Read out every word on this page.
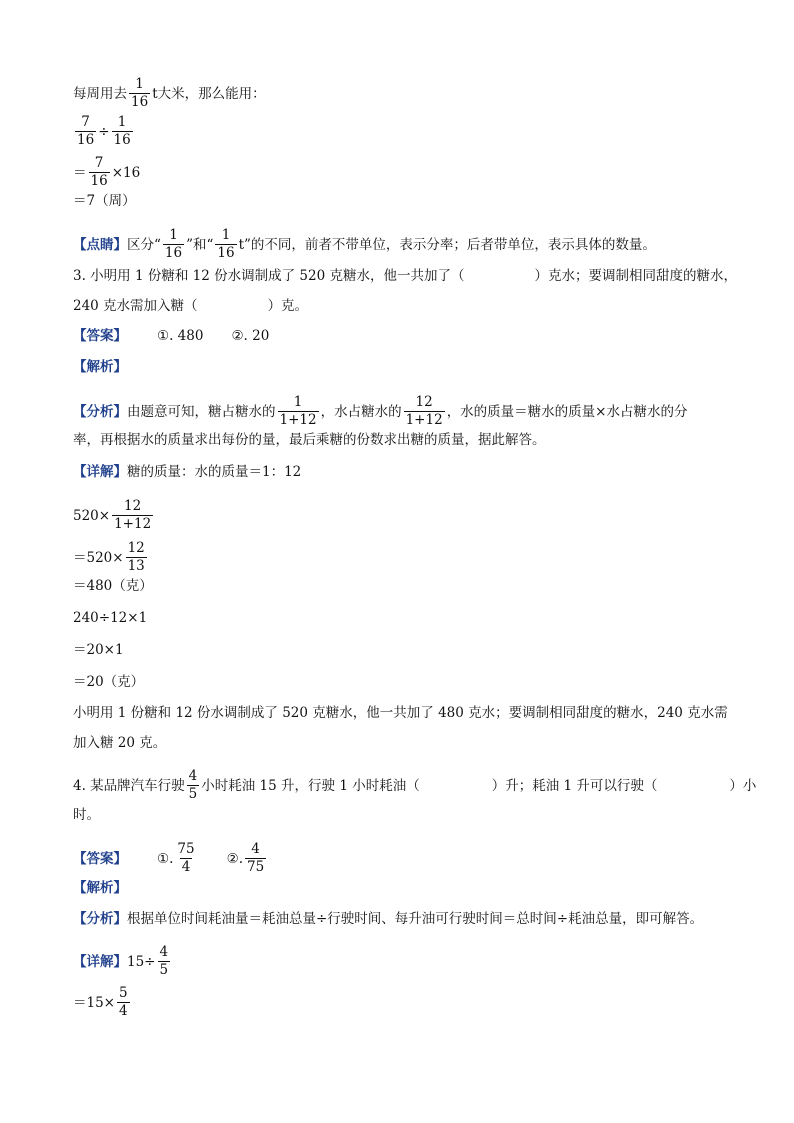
每周用去 $\frac{1}{16}$ t大米，那么能用：
$\frac{7}{16} \div \frac{1}{16}$
＝ $\frac{7}{16} \times 16$
＝7（周）
【点睛】 区分“ $\frac{1}{16}$ ”和“ $\frac{1}{16} t$”的不同，前者不带单位，表示分率；后者带单位，表示具体的数量。
3. 小明用 1 份糖和 12 份水调制成了 520 克糖水，他一共加了（	）克水；要调制相同甜度的糖水，
240 克水需加入糖（	）克。
【答案】 ①. 480 ②. 20
【解析】
【分析】 由题意可知，糖占糖水的 $\frac{1}{1+12}$ ，水占糖水的 $\frac{12}{1+12}$ ，水的质量＝糖水的质量×水占糖水的分
率，再根据水的质量求出每份的量，最后乘糖的份数求出糖的质量，据此解答。
【详解】 糖的质量：水的质量＝1：12
$520\times \frac{12}{1+12}$
$=520\times \frac{12}{13}$
＝480（克）
240÷12×1
＝20×1
＝20（克）
小明用 1 份糖和 12 份水调制成了 520 克糖水，他一共加了 480 克水；要调制相同甜度的糖水，240 克水需
加入糖 20 克。
4. 某品牌汽车行驶 $\frac{4}{5}$ 小时耗油 15 升，行驶 1 小时耗油（	）升；耗油 1 升可以行驶（	）小
时。
【答案】 ①. $\frac{75}{4}$ ②. $\frac{4}{75}$
【解析】
【分析】 根据单位时间耗油量＝耗油总量÷行驶时间、每升油可行驶时间＝总时间÷耗油总量，即可解答。
【详解】 $15\div \frac{4}{5}$
$=15\times \frac{5}{4}$
